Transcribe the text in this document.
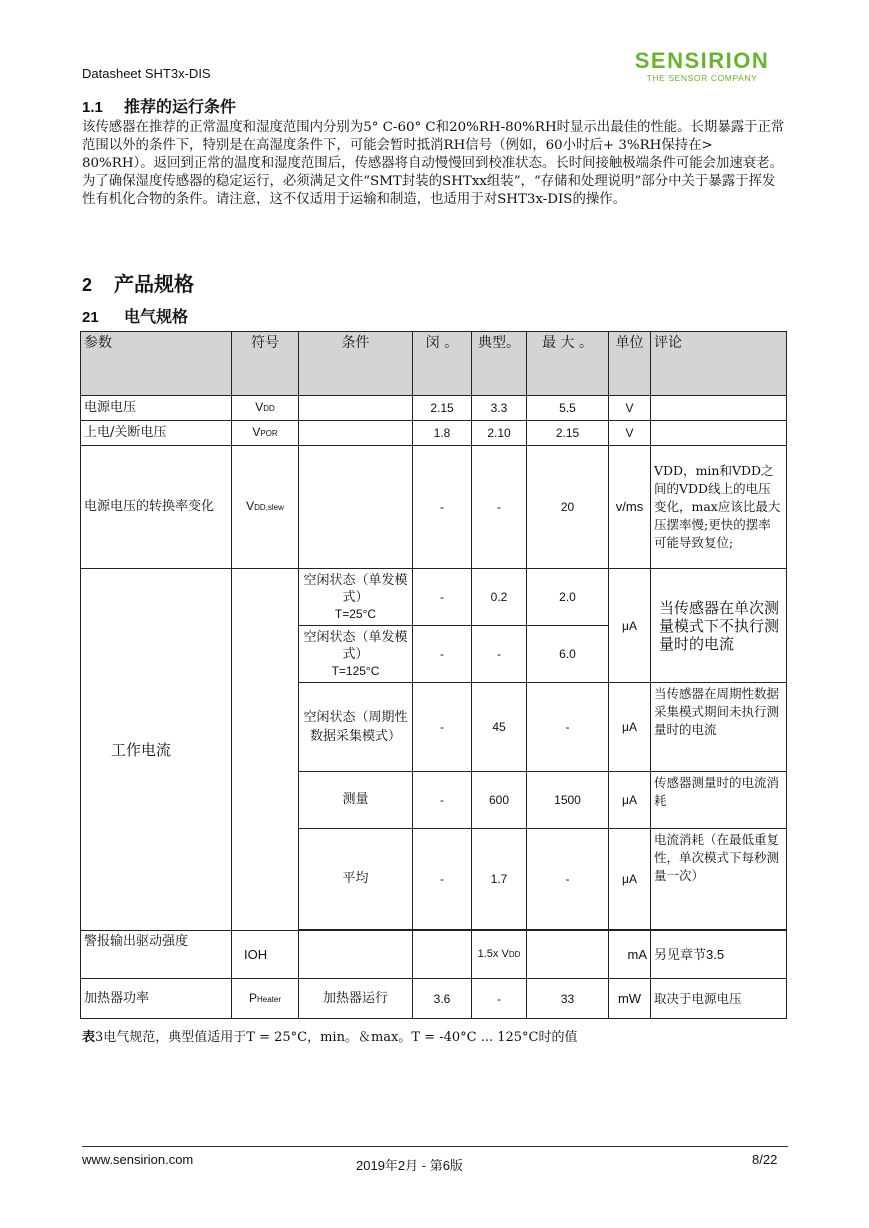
Datasheet SHT3x-DIS
SENSIRION
THE SENSOR COMPANY
1.1 推荐的运行条件
该传感器在推荐的正常温度和湿度范围内分别为5° C-60° C和20%RH-80%RH时显示出最佳的性能。长期暴露于正常范围以外的条件下，特别是在高湿度条件下，可能会暂时抵消RH信号（例如，60小时后+ 3%RH保持在> 80%RH）。返回到正常的温度和湿度范围后，传感器将自动慢慢回到校准状态。长时间接触极端条件可能会加速衰老。为了确保湿度传感器的稳定运行，必须满足文件“SMT封装的SHTxx组装”，“存储和处理说明”部分中关于暴露于挥发性有机化合物的条件。请注意，这不仅适用于运输和制造，也适用于对SHT3x-DIS的操作。
2 产品规格
21 电气规格
参数	符号	条件	闵 。	典型。	最 大 。	单位	评论
电源电压	VDD		2.15	3.3	5.5	V	
上电/关断电压	VPOR		1.8	2.10	2.15	V	
电源电压的转换率变化	VDD,slew		-	-	20	v/ms	VDD，min和VDD之间的VDD线上的电压变化，max应该比最大压摆率慢;更快的摆率可能导致复位;
工作电流		空闲状态（单发模式）
T=25°C	-	0.2	2.0	μA	当传感器在单次测量模式下不执行测量时的电流
		空闲状态（单发模式）
T=125°C	-	-	6.0		
		空闲状态（周期性数据采集模式）	-	45	-	μA	当传感器在周期性数据采集模式期间未执行测量时的电流
		测量	-	600	1500	μA	传感器测量时的电流消耗
		平均	-	1.7	-	μA	电流消耗（在最低重复性，单次模式下每秒测量一次）

警报输出驱动强度	IOH			1.5x VDD		mA	另见章节3.5
加热器功率	PHeater	加热器运行	3.6	-	33	mW	取决于电源电压
表3电气规范，典型值适用于T = 25°C，min。＆max。T = -40°C ... 125°C时的值
www.sensirion.com	2019年2月 - 第6版	8/22
